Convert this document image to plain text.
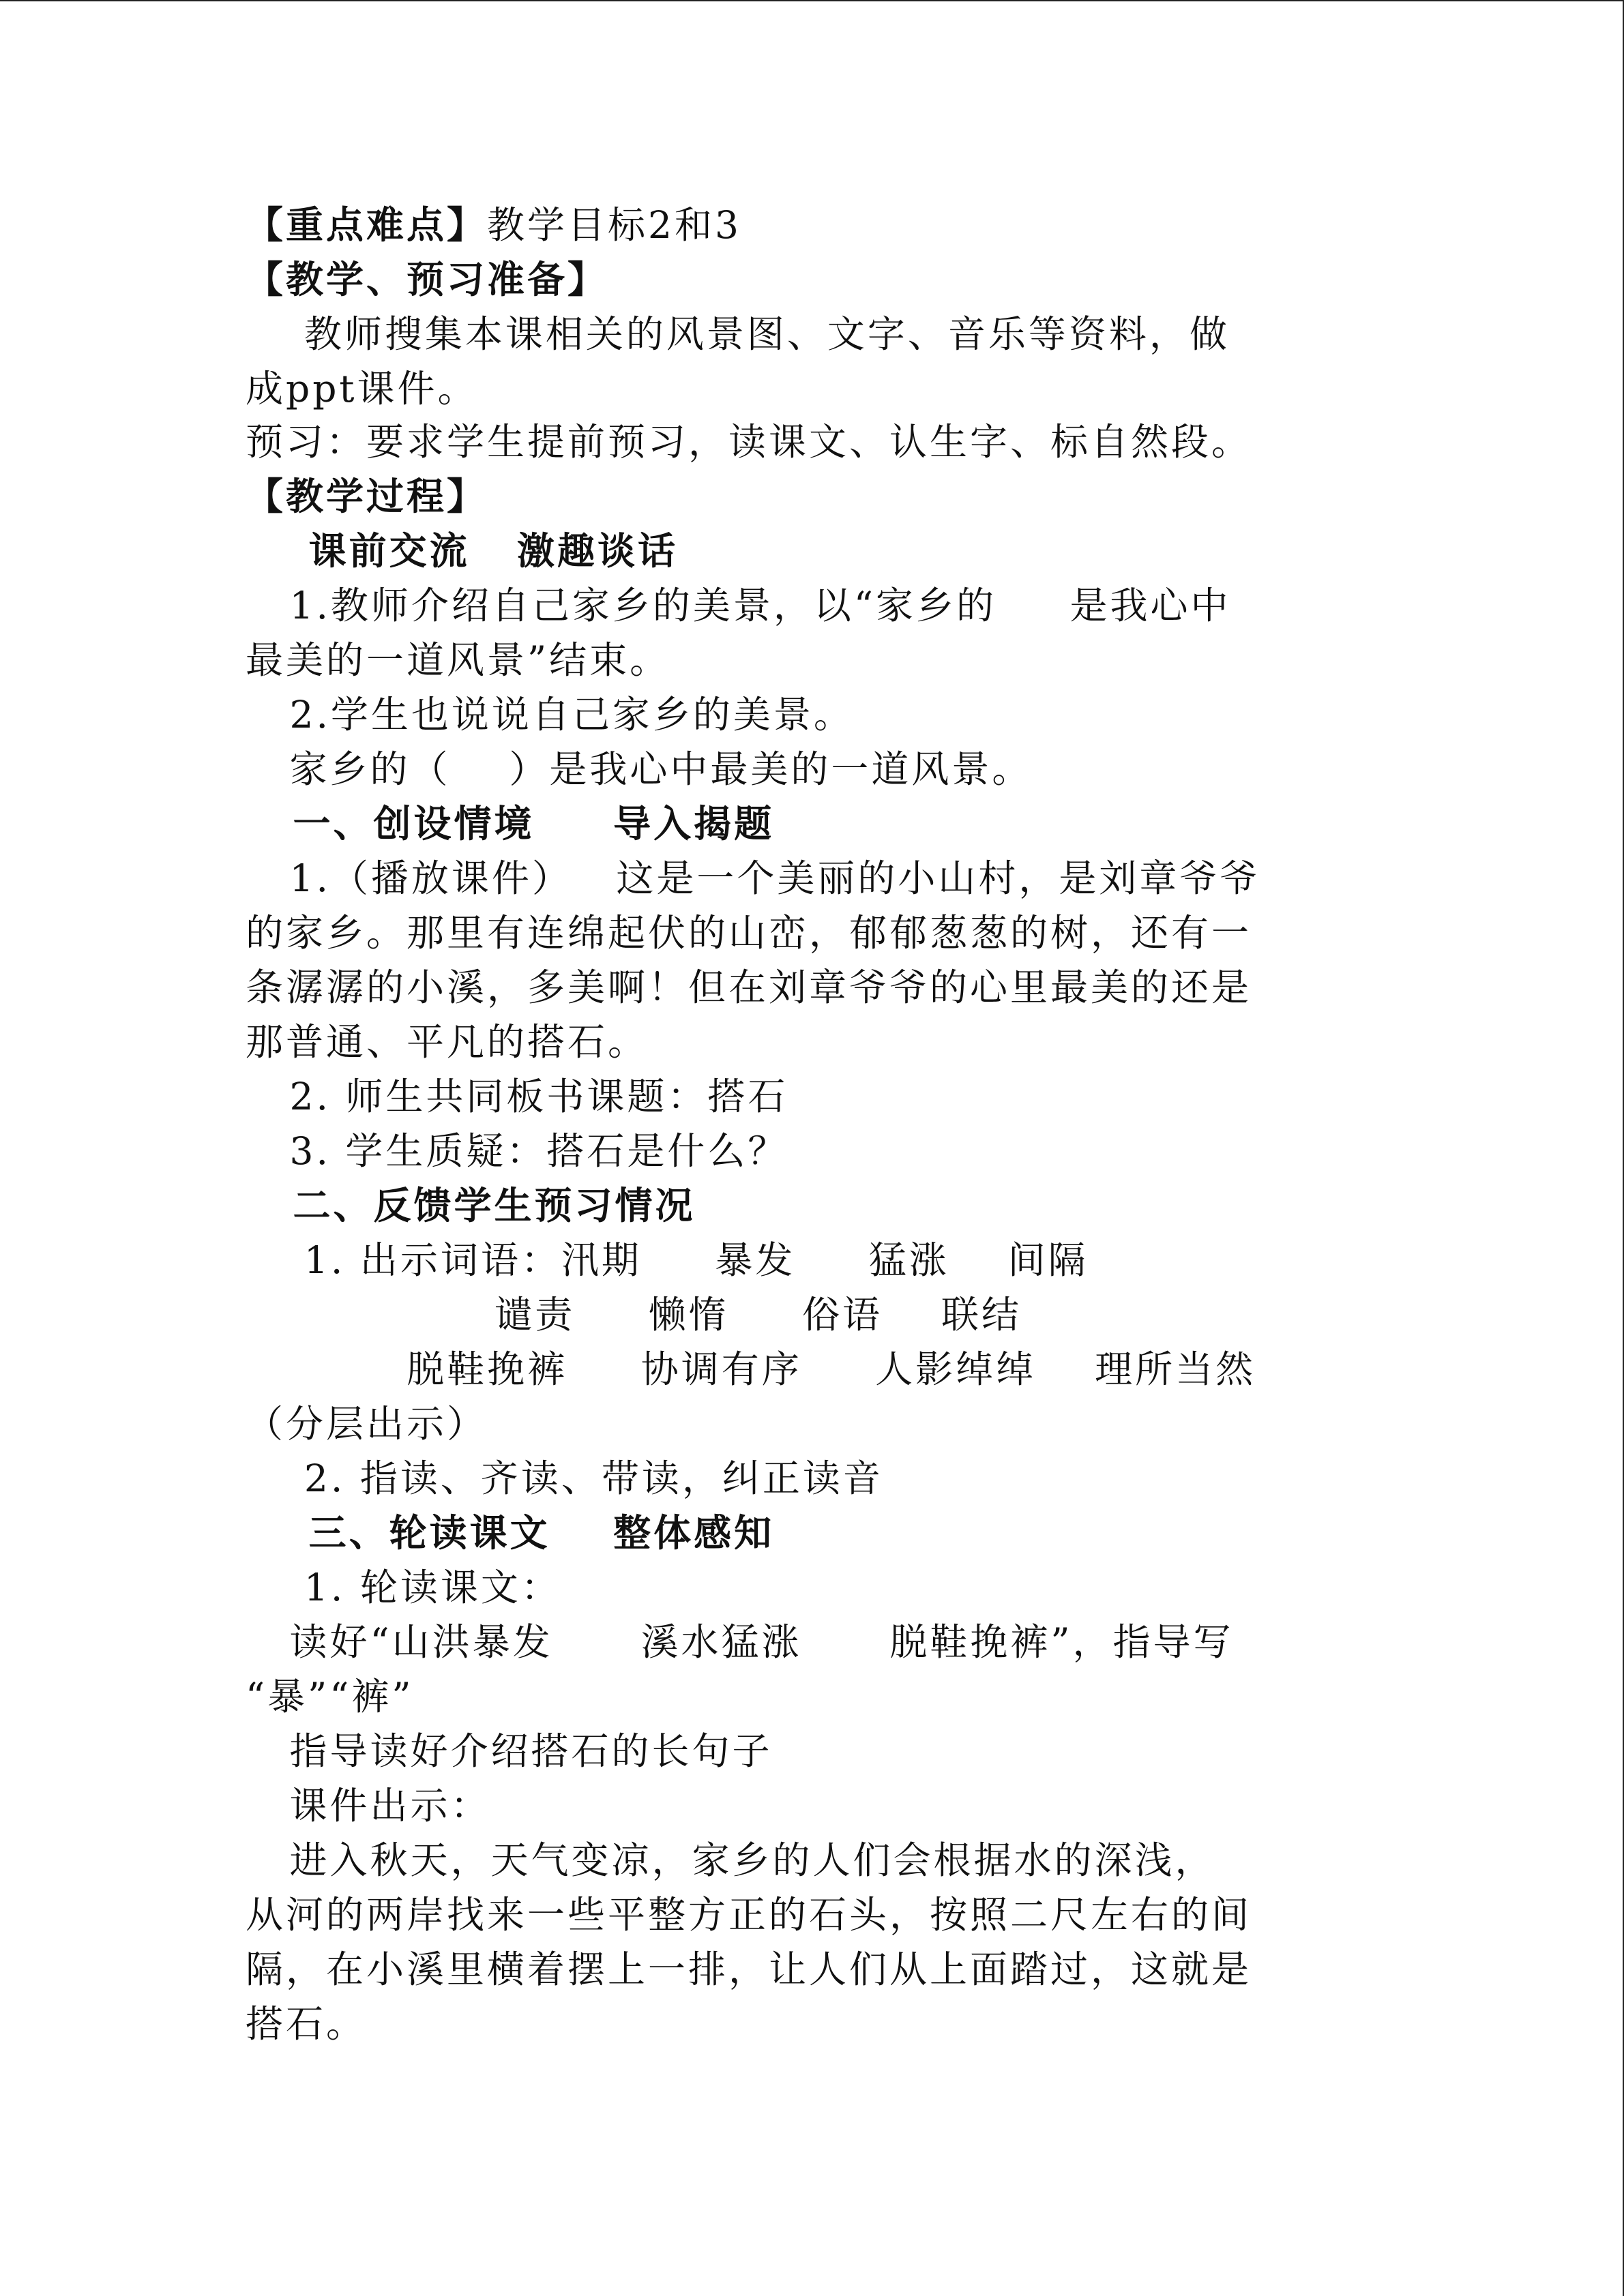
【重点难点】教学目标2和3

【教学、预习准备】

教师搜集本课相关的风景图、文字、音乐等资料，做

成ppt课件。

预习：要求学生提前预习，读课文、认生字、标自然段。

【教学过程】

课前交流   激趣谈话

1.教师介绍自己家乡的美景，以“家乡的     是我心中

最美的一道风景”结束。

2.学生也说说自己家乡的美景。

家乡的（    ）是我心中最美的一道风景。

一、创设情境     导入揭题

1.（播放课件）   这是一个美丽的小山村，是刘章爷爷

的家乡。那里有连绵起伏的山峦，郁郁葱葱的树，还有一

条潺潺的小溪，多美啊！但在刘章爷爷的心里最美的还是

那普通、平凡的搭石。

2. 师生共同板书课题：搭石

3. 学生质疑：搭石是什么？

二、反馈学生预习情况

1. 出示词语：汛期     暴发     猛涨    间隔

谴责     懒惰     俗语    联结

脱鞋挽裤     协调有序     人影绰绰    理所当然

（分层出示）

2. 指读、齐读、带读，纠正读音

三、轮读课文    整体感知

1. 轮读课文：

读好“山洪暴发      溪水猛涨      脱鞋挽裤”，指导写

“暴”“裤”

指导读好介绍搭石的长句子

课件出示：

进入秋天，天气变凉，家乡的人们会根据水的深浅，

从河的两岸找来一些平整方正的石头，按照二尺左右的间

隔，在小溪里横着摆上一排，让人们从上面踏过，这就是

搭石。
